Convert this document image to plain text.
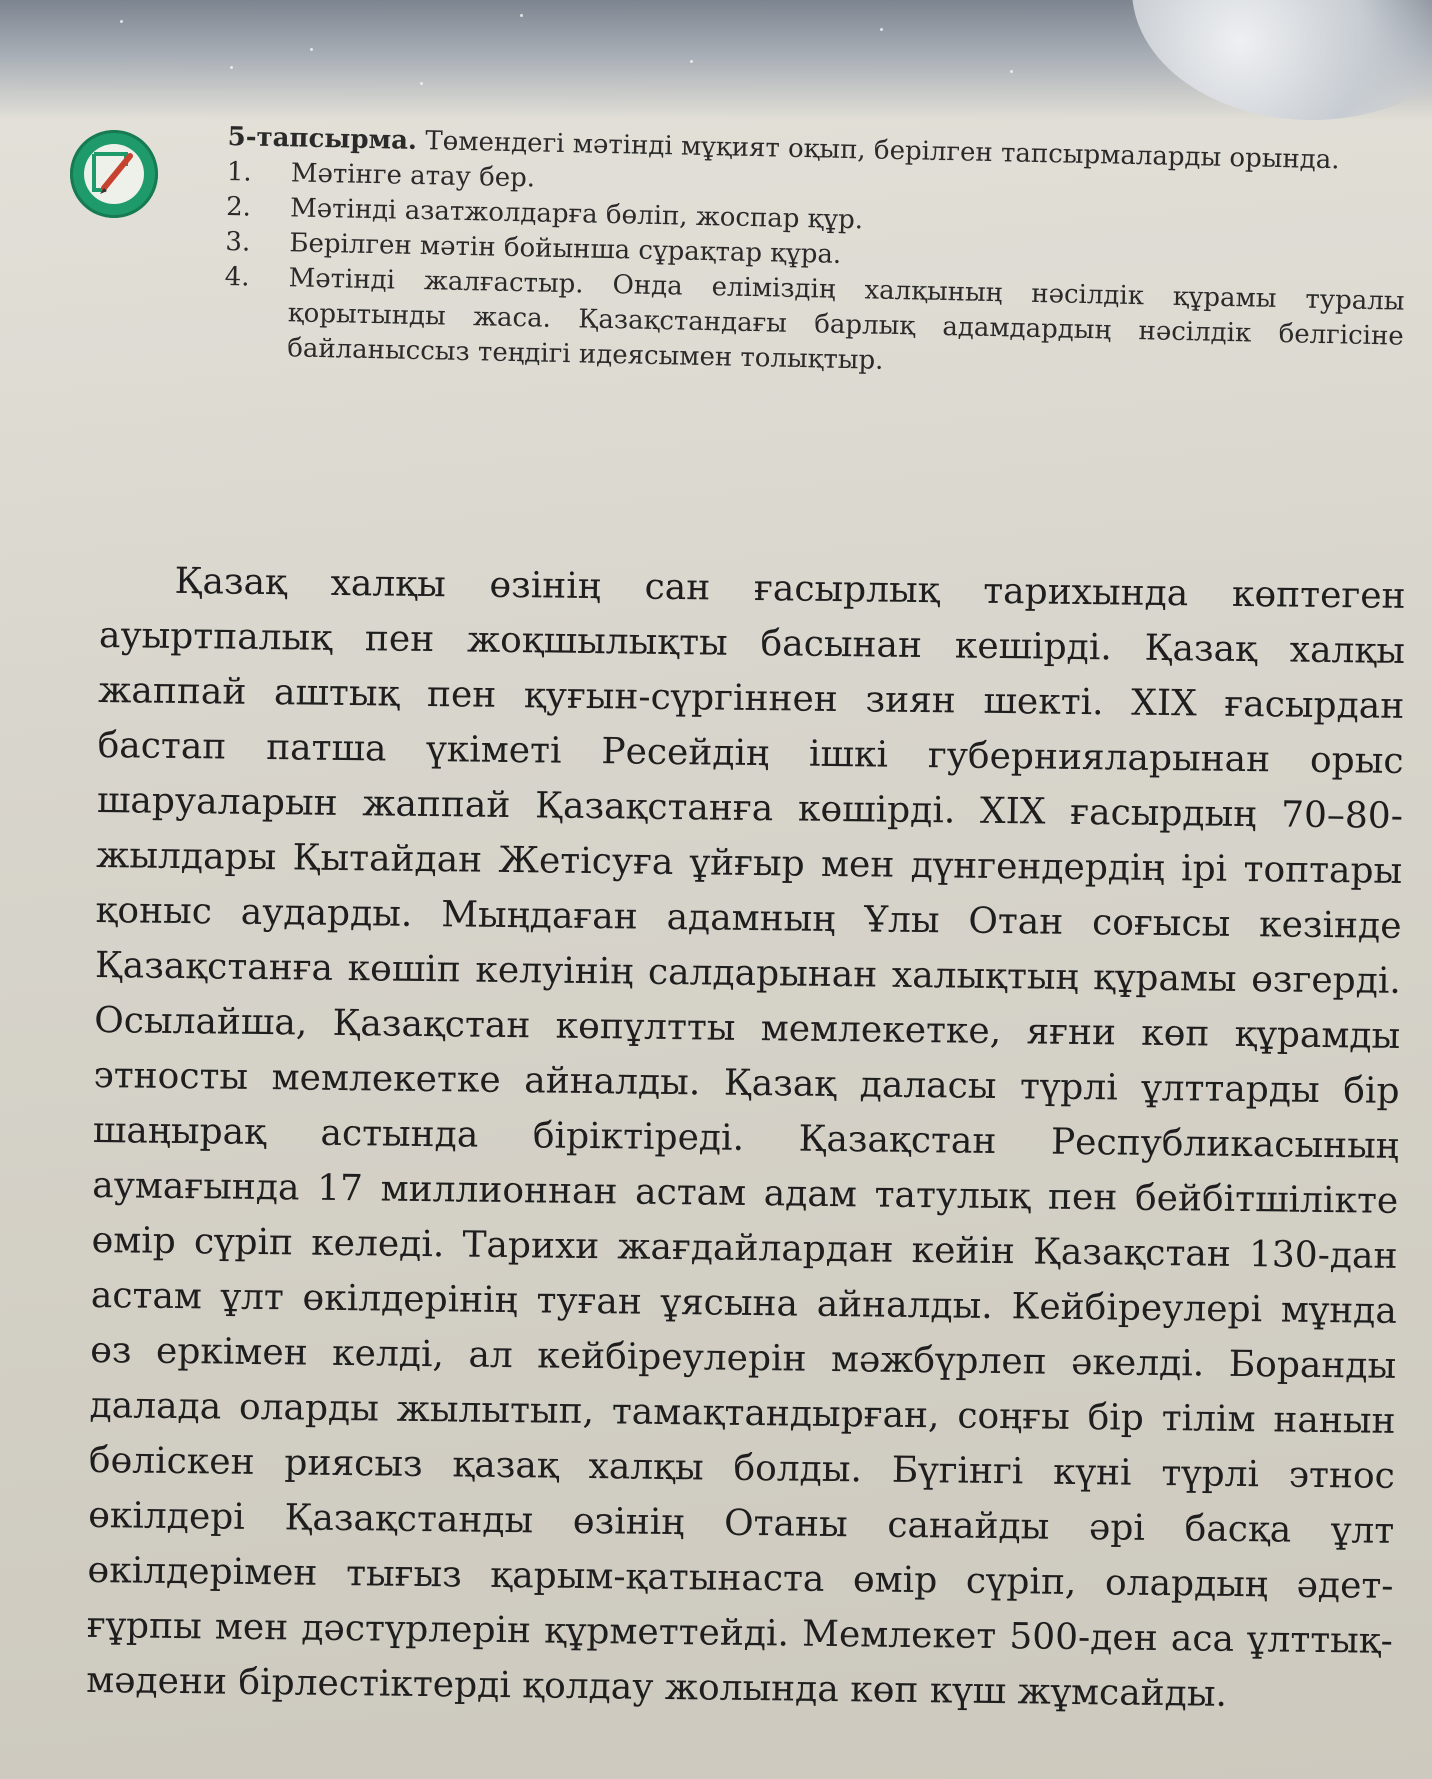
5-тапсырма. Төмендегі мәтінді мұқият оқып, берілген тапсырмаларды орында.
1. Мәтінге атау бер.
2. Мәтінді азатжолдарға бөліп, жоспар құр.
3. Берілген мәтін бойынша сұрақтар құра.
4. Мәтінді жалғастыр. Онда еліміздің халқының нәсілдік құрамы туралы қорытынды жаса. Қазақстандағы барлық адамдардың нәсілдік белгісіне байланыссыз теңдігі идеясымен толықтыр.

Қазақ халқы өзінің сан ғасырлық тарихында көптеген ауыртпалық пен жоқшылықты басынан кешірді. Қазақ халқы жаппай аштық пен қуғын-сүргіннен зиян шекті. XIX ғасырдан бастап патша үкіметі Ресейдің ішкі губернияларынан орыс шаруаларын жаппай Қазақстанға көшірді. XIX ғасырдың 70–80-жылдары Қытайдан Жетісуға ұйғыр мен дүнгендердің ірі топтары қоныс аударды. Мыңдаған адамның Ұлы Отан соғысы кезінде Қазақстанға көшіп келуінің салдарынан халықтың құрамы өзгерді. Осылайша, Қазақстан көпұлтты мемлекетке, яғни көп құрамды этносты мемлекетке айналды. Қазақ даласы түрлі ұлттарды бір шаңырақ астында біріктіреді. Қазақстан Республикасының аумағында 17 миллионнан астам адам татулық пен бейбітшілікте өмір сүріп келеді. Тарихи жағдайлардан кейін Қазақстан 130-дан астам ұлт өкілдерінің туған ұясына айналды. Кейбіреулері мұнда өз еркімен келді, ал кейбіреулерін мәжбүрлеп әкелді. Боранды далада оларды жылытып, тамақтандырған, соңғы бір тілім нанын бөліскен риясыз қазақ халқы болды. Бүгінгі күні түрлі этнос өкілдері Қазақстанды өзінің Отаны санайды әрі басқа ұлт өкілдерімен тығыз қарым-қатынаста өмір сүріп, олардың әдет-ғұрпы мен дәстүрлерін құрметтейді. Мемлекет 500-ден аса ұлттық-мәдени бірлестіктерді қолдау жолында көп күш жұмсайды.
